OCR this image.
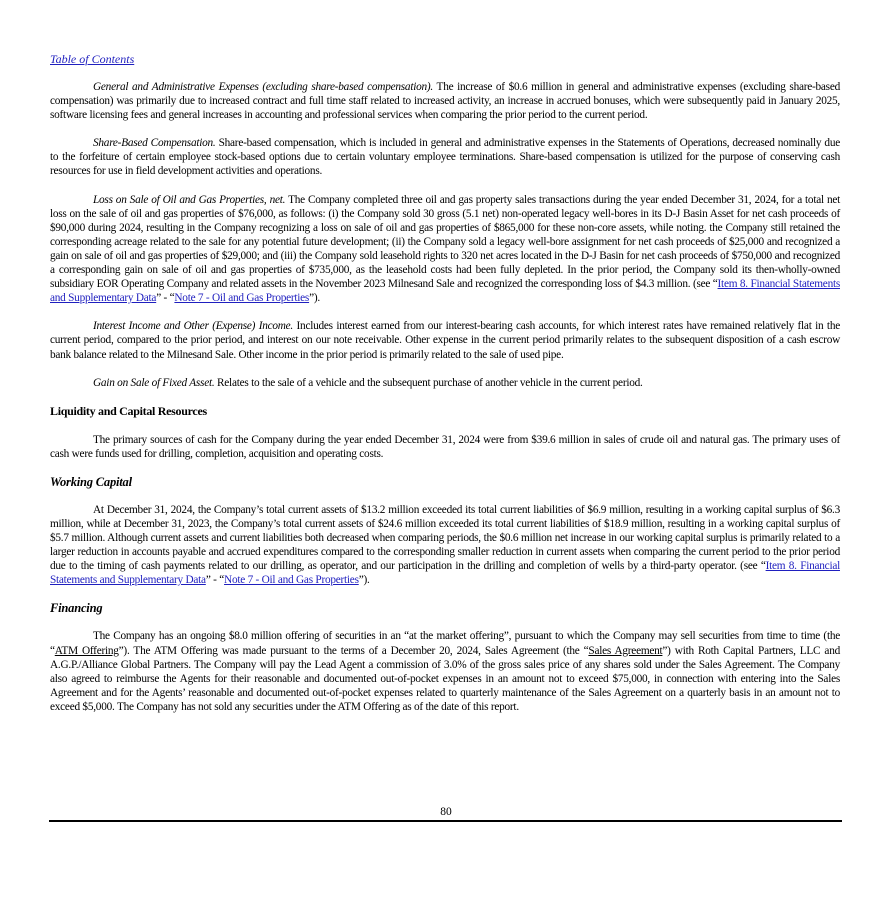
Table of Contents

General and Administrative Expenses (excluding share-based compensation). The increase of $0.6 million in general and administrative expenses (excluding share-based compensation) was primarily due to increased contract and full time staff related to increased activity, an increase in accrued bonuses, which were subsequently paid in January 2025, software licensing fees and general increases in accounting and professional services when comparing the prior period to the current period.

Share-Based Compensation. Share-based compensation, which is included in general and administrative expenses in the Statements of Operations, decreased nominally due to the forfeiture of certain employee stock-based options due to certain voluntary employee terminations. Share-based compensation is utilized for the purpose of conserving cash resources for use in field development activities and operations.

Loss on Sale of Oil and Gas Properties, net. The Company completed three oil and gas property sales transactions during the year ended December 31, 2024, for a total net loss on the sale of oil and gas properties of $76,000, as follows: (i) the Company sold 30 gross (5.1 net) non-operated legacy well-bores in its D-J Basin Asset for net cash proceeds of $90,000 during 2024, resulting in the Company recognizing a loss on sale of oil and gas properties of $865,000 for these non-core assets, while noting. the Company still retained the corresponding acreage related to the sale for any potential future development; (ii) the Company sold a legacy well-bore assignment for net cash proceeds of $25,000 and recognized a gain on sale of oil and gas properties of $29,000; and (iii) the Company sold leasehold rights to 320 net acres located in the D-J Basin for net cash proceeds of $750,000 and recognized a corresponding gain on sale of oil and gas properties of $735,000, as the leasehold costs had been fully depleted. In the prior period, the Company sold its then-wholly-owned subsidiary EOR Operating Company and related assets in the November 2023 Milnesand Sale and recognized the corresponding loss of $4.3 million. (see “Item 8. Financial Statements and Supplementary Data” - “Note 7 - Oil and Gas Properties”).

Interest Income and Other (Expense) Income. Includes interest earned from our interest-bearing cash accounts, for which interest rates have remained relatively flat in the current period, compared to the prior period, and interest on our note receivable. Other expense in the current period primarily relates to the subsequent disposition of a cash escrow bank balance related to the Milnesand Sale. Other income in the prior period is primarily related to the sale of used pipe.

Gain on Sale of Fixed Asset. Relates to the sale of a vehicle and the subsequent purchase of another vehicle in the current period.

Liquidity and Capital Resources

The primary sources of cash for the Company during the year ended December 31, 2024 were from $39.6 million in sales of crude oil and natural gas. The primary uses of cash were funds used for drilling, completion, acquisition and operating costs.

Working Capital

At December 31, 2024, the Company’s total current assets of $13.2 million exceeded its total current liabilities of $6.9 million, resulting in a working capital surplus of $6.3 million, while at December 31, 2023, the Company’s total current assets of $24.6 million exceeded its total current liabilities of $18.9 million, resulting in a working capital surplus of $5.7 million. Although current assets and current liabilities both decreased when comparing periods, the $0.6 million net increase in our working capital surplus is primarily related to a larger reduction in accounts payable and accrued expenditures compared to the corresponding smaller reduction in current assets when comparing the current period to the prior period due to the timing of cash payments related to our drilling, as operator, and our participation in the drilling and completion of wells by a third-party operator. (see “Item 8. Financial Statements and Supplementary Data” - “Note 7 - Oil and Gas Properties”).

Financing

The Company has an ongoing $8.0 million offering of securities in an “at the market offering”, pursuant to which the Company may sell securities from time to time (the “ATM Offering”). The ATM Offering was made pursuant to the terms of a December 20, 2024, Sales Agreement (the “Sales Agreement”) with Roth Capital Partners, LLC and A.G.P./Alliance Global Partners. The Company will pay the Lead Agent a commission of 3.0% of the gross sales price of any shares sold under the Sales Agreement. The Company also agreed to reimburse the Agents for their reasonable and documented out-of-pocket expenses in an amount not to exceed $75,000, in connection with entering into the Sales Agreement and for the Agents’ reasonable and documented out-of-pocket expenses related to quarterly maintenance of the Sales Agreement on a quarterly basis in an amount not to exceed $5,000. The Company has not sold any securities under the ATM Offering as of the date of this report.

80
